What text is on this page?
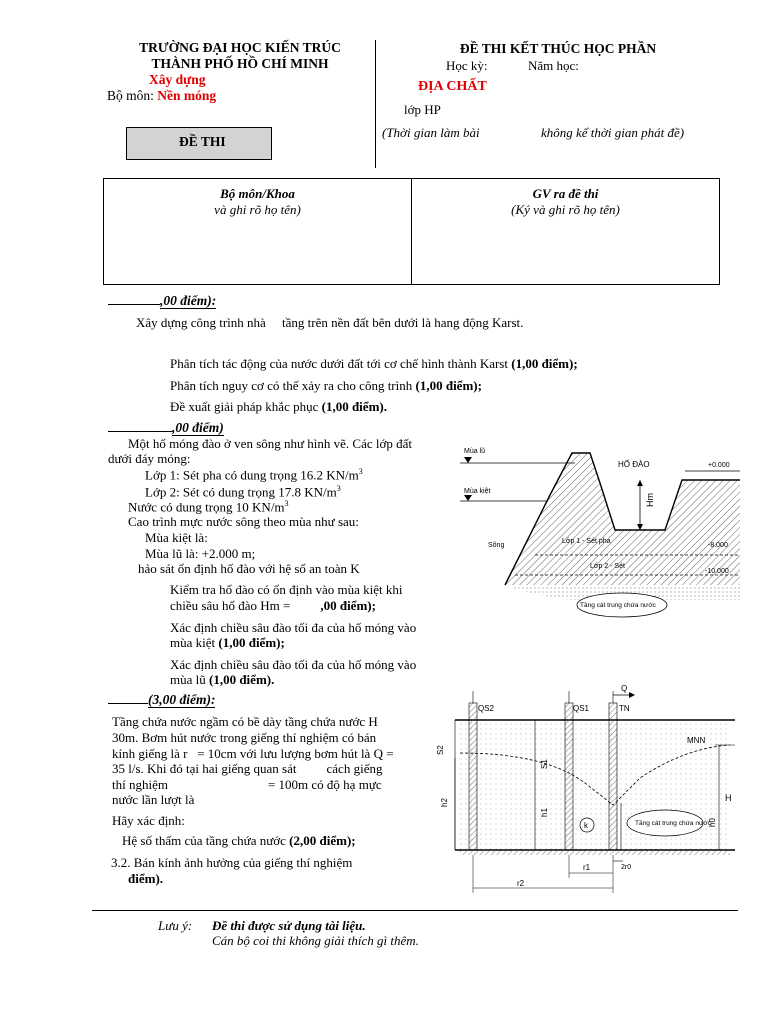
TRƯỜNG ĐẠI HỌC KIẾN TRÚC
THÀNH PHỐ HỒ CHÍ MINH
Xây dựng
Bộ môn: Nền móng
ĐỀ THI
ĐỀ THI KẾT THÚC HỌC PHẦN
Học kỳ:	Năm học:
ĐỊA CHẤT
lớp HP
(Thời gian làm bài	không kể thời gian phát đề)
Bộ môn/Khoa
và ghi rõ họ tên)
GV ra đề thi
(Ký và ghi rõ họ tên)
,00 điểm):
Xây dựng công trình nhà     tầng trên nền đất bên dưới là hang động Karst.
Phân tích tác động của nước dưới đất tới cơ chế hình thành Karst (1,00 điểm);
Phân tích nguy cơ có thể xảy ra cho công trình (1,00 điểm);
Đề xuất giải pháp khắc phục (1,00 điểm).
,00 điểm)
Một hố móng đào ở ven sông như hình vẽ. Các lớp đất
dưới đáy móng:
Lớp 1: Sét pha có dung trọng 16.2 $KN/m^3$
Lớp 2: Sét có dung trọng 17.8 $KN/m^3$
Nước có dung trọng 10 $KN/m^3$
Cao trình mực nước sông theo mùa như sau:
Mùa kiệt là:
Mùa lũ là: +2.000 m;
hảo sát ổn định hố đào với hệ số an toàn K
Kiểm tra hố đào có ổn định vào mùa kiệt khi
chiều sâu hố đào Hm = ,00 điểm);
Xác định chiều sâu đào tối đa của hố móng vào
mùa kiệt (1,00 điểm);
Xác định chiều sâu đào tối đa của hố móng vào
mùa lũ (1,00 điểm).
Mùa lũ
Mùa kiệt
HỐ ĐÀO
Hm
Sông
Lớp 1 - Sét pha
Lớp 2 - Sét
Tầng cát trung chứa nước
+0.000
-8.000
-10.000
(3,00 điểm):
Tầng chứa nước ngầm có bề dày tầng chứa nước H
30m. Bơm hút nước trong giếng thí nghiệm có bán
kính giếng là r   = 10cm với lưu lượng bơm hút là Q =
35 l/s. Khi đó tại hai giếng quan sát cách giếng
thí nghiệm	= 100m có độ hạ mực
nước lần lượt là
Hãy xác định:
Hệ số thấm của tầng chứa nước (2,00 điểm);
3.2. Bán kính ảnh hưởng của giếng thí nghiệm
điểm).
Q
QS2	QS1	TN
MNN
S2
S1
h2
h1
H
h0
k	Tầng cát trung chứa nước
r1
r2
2r0
Lưu ý: Đề thi được sử dụng tài liệu.
Cán bộ coi thi không giải thích gì thêm.
